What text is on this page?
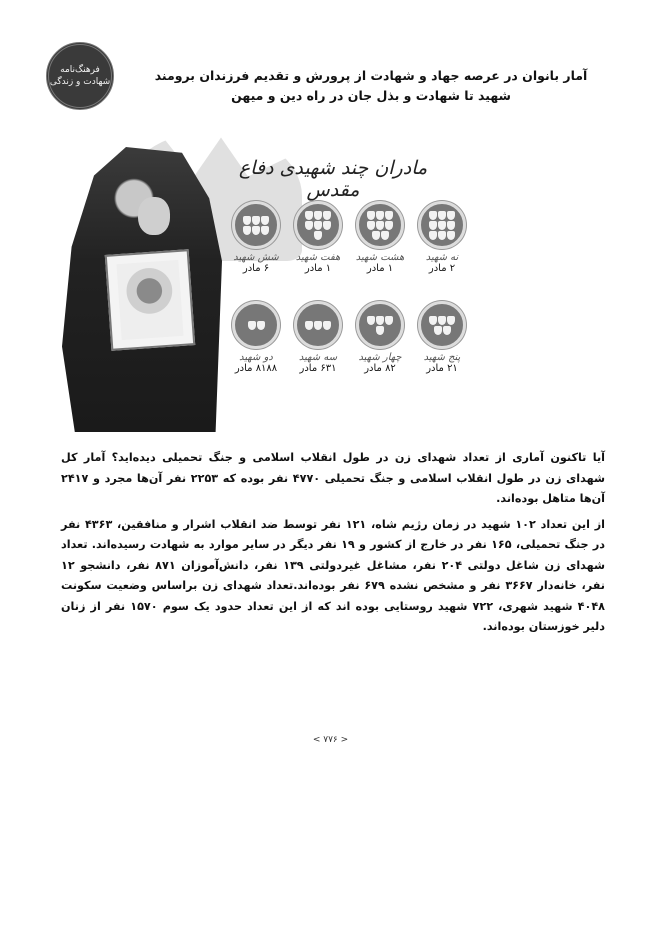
فرهنگ‌نامه
شهادت و زندگی	آمار بانوان در عرصه جهاد و شهادت از پرورش و تقدیم فرزندان برومند شهید تا شهادت و بذل جان در راه دین و میهن
مادران چند شهیدی دفاع مقدس
نه شهید
۲ مادر
هشت شهید
۱ مادر
هفت شهید
۱ مادر
شش شهید
۶ مادر
پنج شهید
۲۱ مادر
چهار شهید
۸۲ مادر
سه شهید
۶۳۱ مادر
دو شهید
۸۱۸۸ مادر

آیا تاکنون آماری از تعداد شهدای زن در طول انقلاب اسلامی و جنگ تحمیلی دیده‌اید؟ آمار کل شهدای زن در طول انقلاب اسلامی و جنگ تحمیلی ۴۷۷۰ نفر بوده که ۲۲۵۳ نفر آن‌ها مجرد و ۲۴۱۷ آن‌ها متاهل بوده‌اند.

از این تعداد ۱۰۲ شهید در زمان رژیم شاه، ۱۲۱ نفر توسط ضد انقلاب اشرار و منافقین، ۴۳۶۳ نفر در جنگ تحمیلی، ۱۶۵ نفر در خارج از کشور و ۱۹ نفر دیگر در سایر موارد به شهادت رسیده‌اند. تعداد شهدای زن شاغل دولتی ۲۰۴ نفر، مشاغل غیردولتی ۱۳۹ نفر، دانش‌آموزان ۸۷۱ نفر، دانشجو ۱۲ نفر، خانه‌دار ۳۶۶۷ نفر و مشخص نشده ۶۷۹ نفر بوده‌اند.تعداد شهدای زن براساس وضعیت سکونت ۴۰۴۸ شهید شهری، ۷۲۲ شهید روستایی بوده اند که از این تعداد حدود یک سوم ۱۵۷۰ نفر از زنان دلیر خوزستان بوده‌اند.

< ۷۷۶ >
